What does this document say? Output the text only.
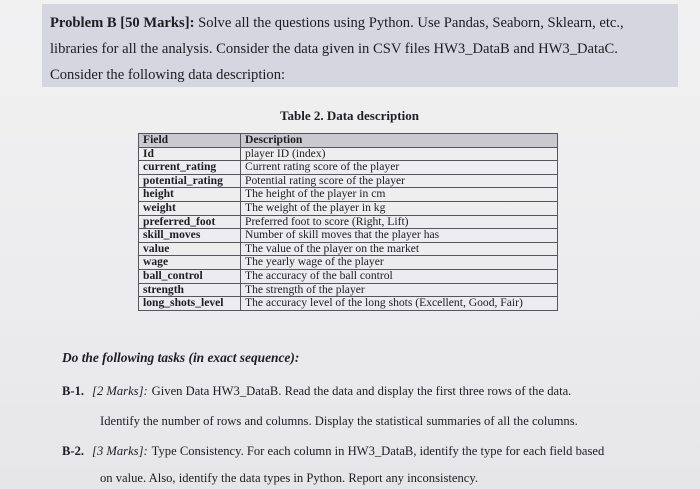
Problem B [50 Marks]: Solve all the questions using Python. Use Pandas, Seaborn, Sklearn, etc.,
libraries for all the analysis. Consider the data given in CSV files HW3_DataB and HW3_DataC.
Consider the following data description:
Table 2. Data description
Field	Description
Id	player ID (index)
current_rating	Current rating score of the player
potential_rating	Potential rating score of the player
height	The height of the player in cm
weight	The weight of the player in kg
preferred_foot	Preferred foot to score (Right, Lift)
skill_moves	Number of skill moves that the player has
value	The value of the player on the market
wage	The yearly wage of the player
ball_control	The accuracy of the ball control
strength	The strength of the player
long_shots_level	The accuracy level of the long shots (Excellent, Good, Fair)
Do the following tasks (in exact sequence):
B-1. [2 Marks]: Given Data HW3_DataB. Read the data and display the first three rows of the data.
Identify the number of rows and columns. Display the statistical summaries of all the columns.
B-2. [3 Marks]: Type Consistency. For each column in HW3_DataB, identify the type for each field based
on value. Also, identify the data types in Python. Report any inconsistency.
